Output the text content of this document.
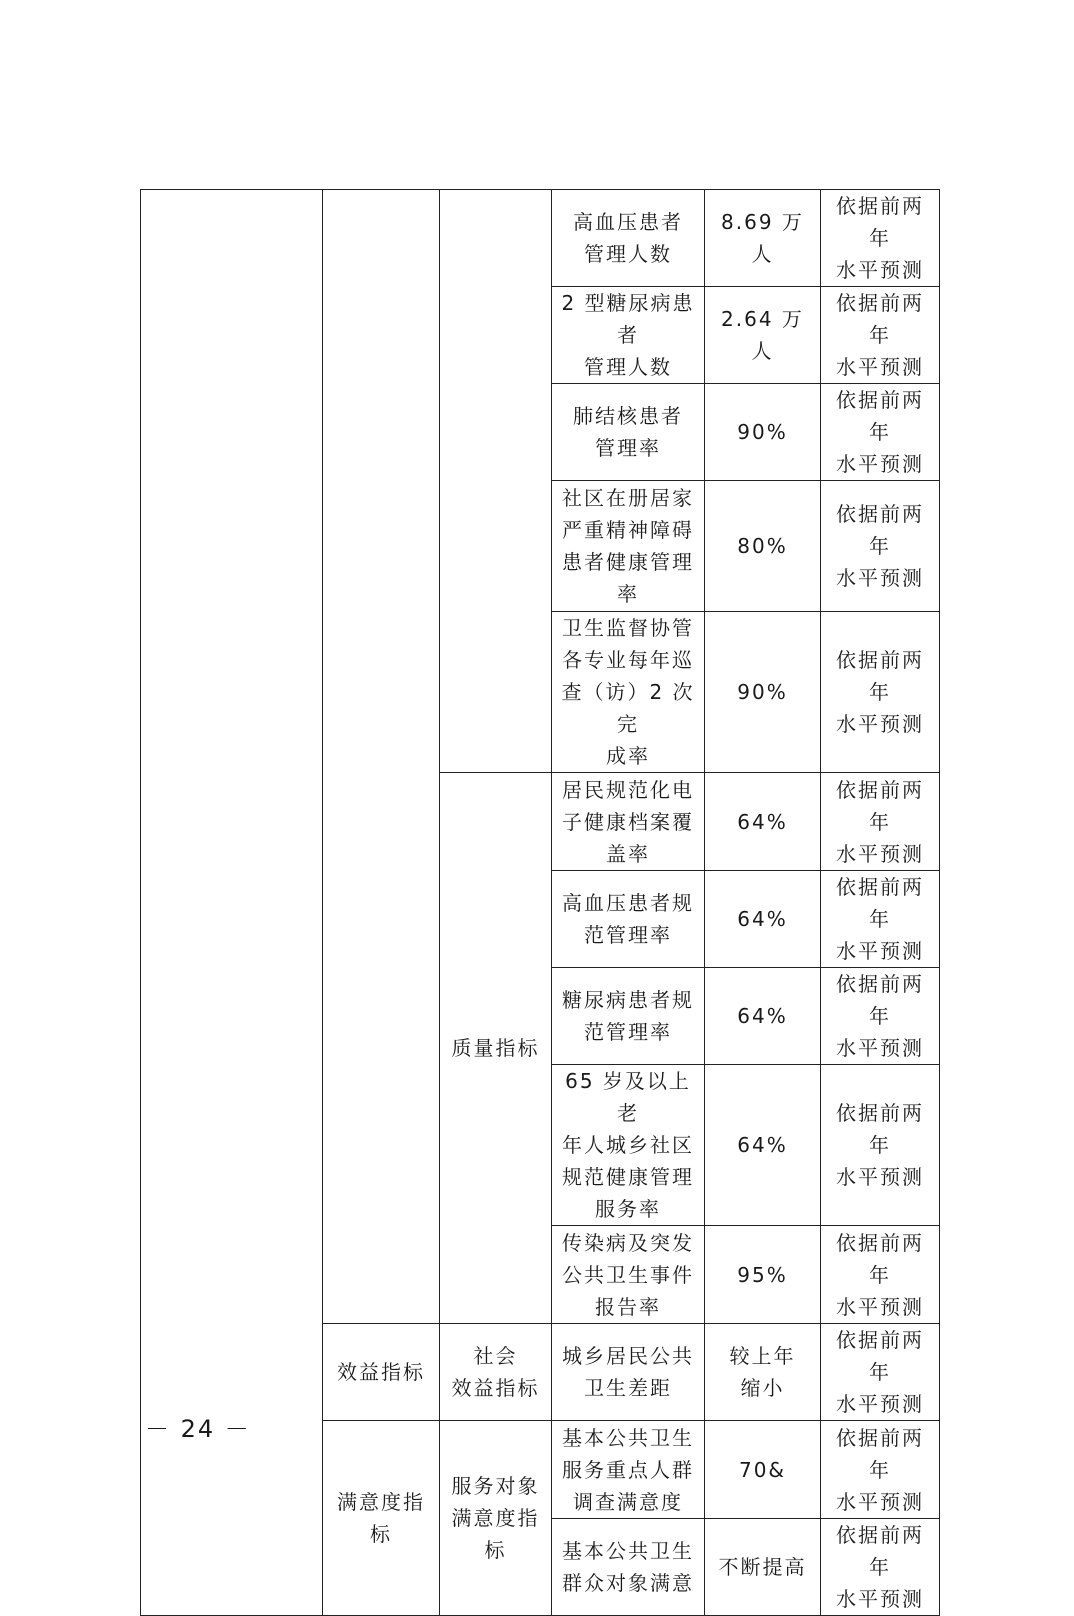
			高血压患者
管理人数	8.69 万人	依据前两年
水平预测
			2 型糖尿病患者
管理人数	2.64 万人	依据前两年
水平预测
			肺结核患者
管理率	90%	依据前两年
水平预测
			社区在册居家
严重精神障碍
患者健康管理
率	80%	依据前两年
水平预测
			卫生监督协管
各专业每年巡
查（访）2 次完
成率	90%	依据前两年
水平预测
		质量指标	居民规范化电
子健康档案覆
盖率	64%	依据前两年
水平预测
			高血压患者规
范管理率	64%	依据前两年
水平预测
			糖尿病患者规
范管理率	64%	依据前两年
水平预测
			65 岁及以上老
年人城乡社区
规范健康管理
服务率	64%	依据前两年
水平预测
			传染病及突发
公共卫生事件
报告率	95%	依据前两年
水平预测
	效益指标	社会
效益指标	城乡居民公共
卫生差距	较上年
缩小	依据前两年
水平预测
	满意度指标	服务对象
满意度指标	基本公共卫生
服务重点人群
调查满意度	70&	依据前两年
水平预测
			基本公共卫生
群众对象满意	不断提高	依据前两年
水平预测
－ 24 －
